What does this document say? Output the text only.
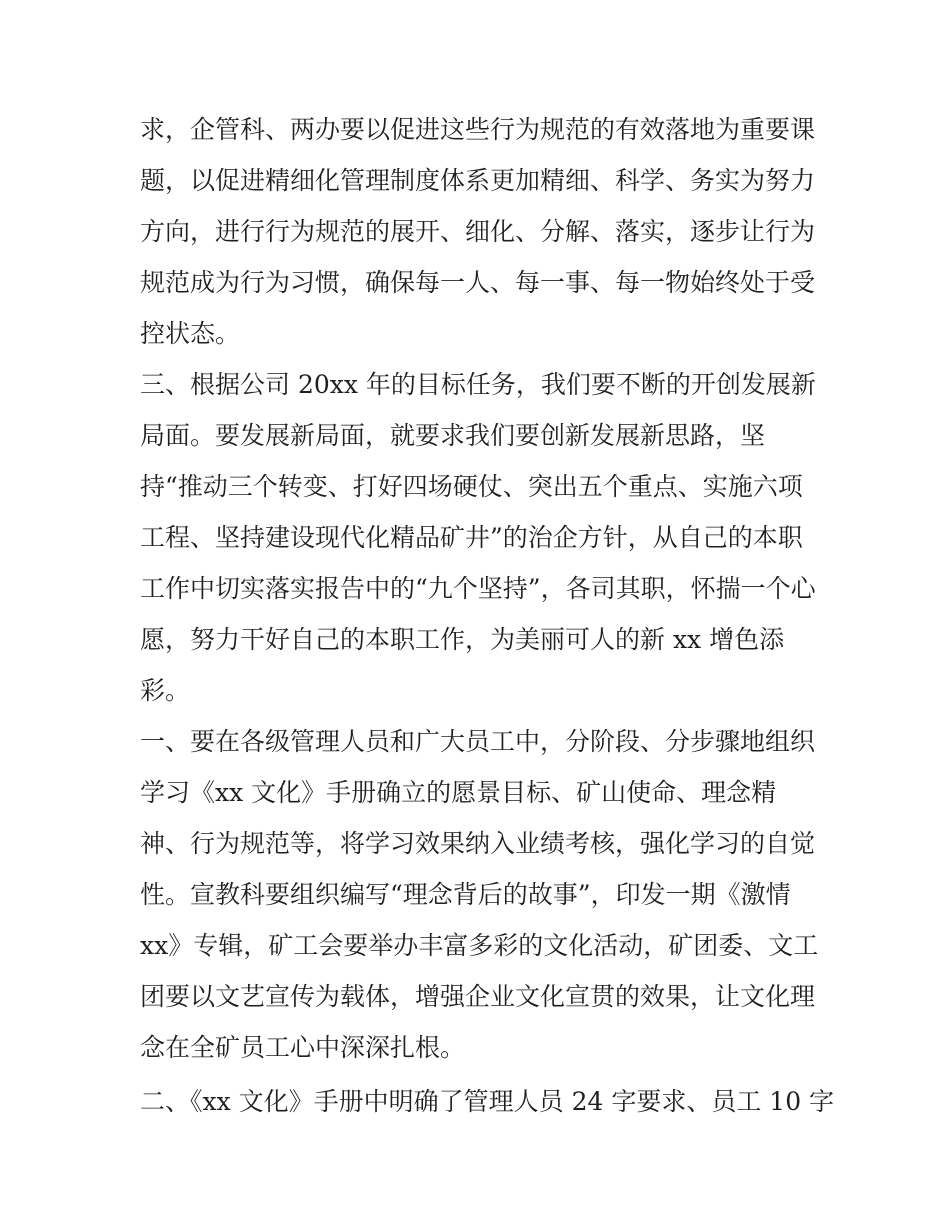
求，企管科、两办要以促进这些行为规范的有效落地为重要课
题，以促进精细化管理制度体系更加精细、科学、务实为努力
方向，进行行为规范的展开、细化、分解、落实，逐步让行为
规范成为行为习惯，确保每一人、每一事、每一物始终处于受
控状态。
三、根据公司 20xx 年的目标任务，我们要不断的开创发展新
局面。要发展新局面，就要求我们要创新发展新思路，坚
持“推动三个转变、打好四场硬仗、突出五个重点、实施六项
工程、坚持建设现代化精品矿井”的治企方针，从自己的本职
工作中切实落实报告中的“九个坚持”，各司其职，怀揣一个心
愿，努力干好自己的本职工作，为美丽可人的新 xx 增色添
彩。
一、要在各级管理人员和广大员工中，分阶段、分步骤地组织
学习《xx 文化》手册确立的愿景目标、矿山使命、理念精
神、行为规范等，将学习效果纳入业绩考核，强化学习的自觉
性。宣教科要组织编写“理念背后的故事”，印发一期《激情
xx》专辑，矿工会要举办丰富多彩的文化活动，矿团委、文工
团要以文艺宣传为载体，增强企业文化宣贯的效果，让文化理
念在全矿员工心中深深扎根。
二、《xx 文化》手册中明确了管理人员 24 字要求、员工 10 字
